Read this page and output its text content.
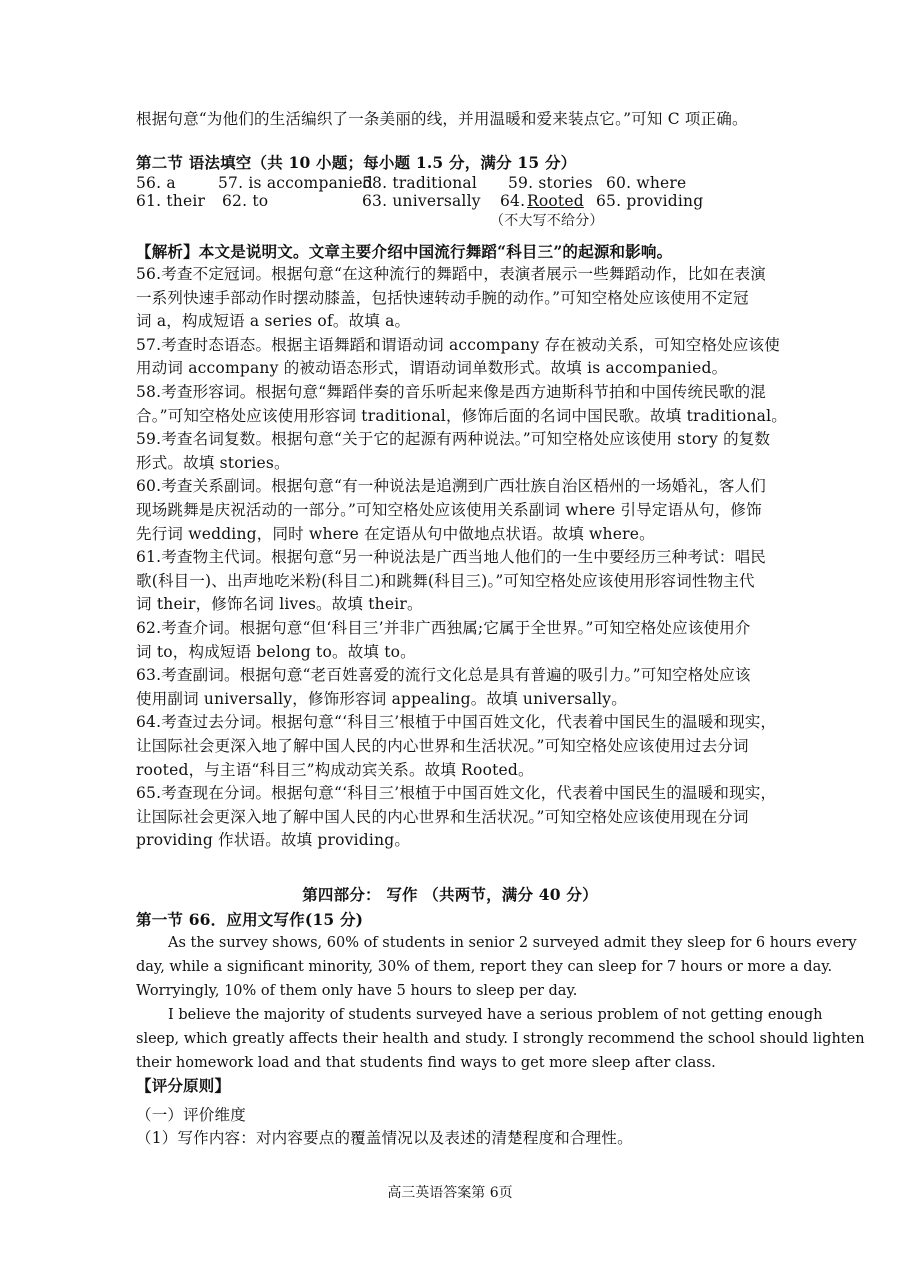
根据句意“为他们的生活编织了一条美丽的线，并用温暖和爱来装点它。”可知 C 项正确。
第二节 语法填空（共 10 小题；每小题 1.5 分，满分 15 分）
56. a	57. is accompanied
58. traditional 59. stories 60. where
61. their 62. to	63. universally 64. Rooted 65. providing
（不大写不给分）
【解析】本文是说明文。文章主要介绍中国流行舞蹈“科目三”的起源和影响。
56.考查不定冠词。根据句意“在这种流行的舞蹈中，表演者展示一些舞蹈动作，比如在表演
一系列快速手部动作时摆动膝盖，包括快速转动手腕的动作。”可知空格处应该使用不定冠
词 a，构成短语 a series of。故填 a。
57.考查时态语态。根据主语舞蹈和谓语动词 accompany 存在被动关系，可知空格处应该使
用动词 accompany 的被动语态形式，谓语动词单数形式。故填 is accompanied。
58.考查形容词。根据句意“舞蹈伴奏的音乐听起来像是西方迪斯科节拍和中国传统民歌的混
合。”可知空格处应该使用形容词 traditional，修饰后面的名词中国民歌。故填 traditional。
59.考查名词复数。根据句意“关于它的起源有两种说法。”可知空格处应该使用 story 的复数
形式。故填 stories。
60.考查关系副词。根据句意“有一种说法是追溯到广西壮族自治区梧州的一场婚礼，客人们
现场跳舞是庆祝活动的一部分。”可知空格处应该使用关系副词 where 引导定语从句，修饰
先行词 wedding，同时 where 在定语从句中做地点状语。故填 where。
61.考查物主代词。根据句意“另一种说法是广西当地人他们的一生中要经历三种考试：唱民
歌(科目一)、出声地吃米粉(科目二)和跳舞(科目三)。”可知空格处应该使用形容词性物主代
词 their，修饰名词 lives。故填 their。
62.考查介词。根据句意“但‘科目三’并非广西独属;它属于全世界。”可知空格处应该使用介
词 to，构成短语 belong to。故填 to。
63.考查副词。根据句意“老百姓喜爱的流行文化总是具有普遍的吸引力。”可知空格处应该
使用副词 universally，修饰形容词 appealing。故填 universally。
64.考查过去分词。根据句意“‘科目三’根植于中国百姓文化，代表着中国民生的温暖和现实，
让国际社会更深入地了解中国人民的内心世界和生活状况。”可知空格处应该使用过去分词
rooted，与主语“科目三”构成动宾关系。故填 Rooted。
65.考查现在分词。根据句意“‘科目三’根植于中国百姓文化，代表着中国民生的温暖和现实，
让国际社会更深入地了解中国人民的内心世界和生活状况。”可知空格处应该使用现在分词
providing 作状语。故填 providing。
第四部分： 写作 （共两节，满分 40 分）
第一节 66．应用文写作(15 分)
As the survey shows, 60% of students in senior 2 surveyed admit they sleep for 6 hours every
day, while a significant minority, 30% of them, report they can sleep for 7 hours or more a day.
Worryingly, 10% of them only have 5 hours to sleep per day.
I believe the majority of students surveyed have a serious problem of not getting enough
sleep, which greatly affects their health and study. I strongly recommend the school should lighten
their homework load and that students find ways to get more sleep after class.
【评分原则】
（一）评价维度
（1）写作内容：对内容要点的覆盖情况以及表述的清楚程度和合理性。
高三英语答案第 6页
